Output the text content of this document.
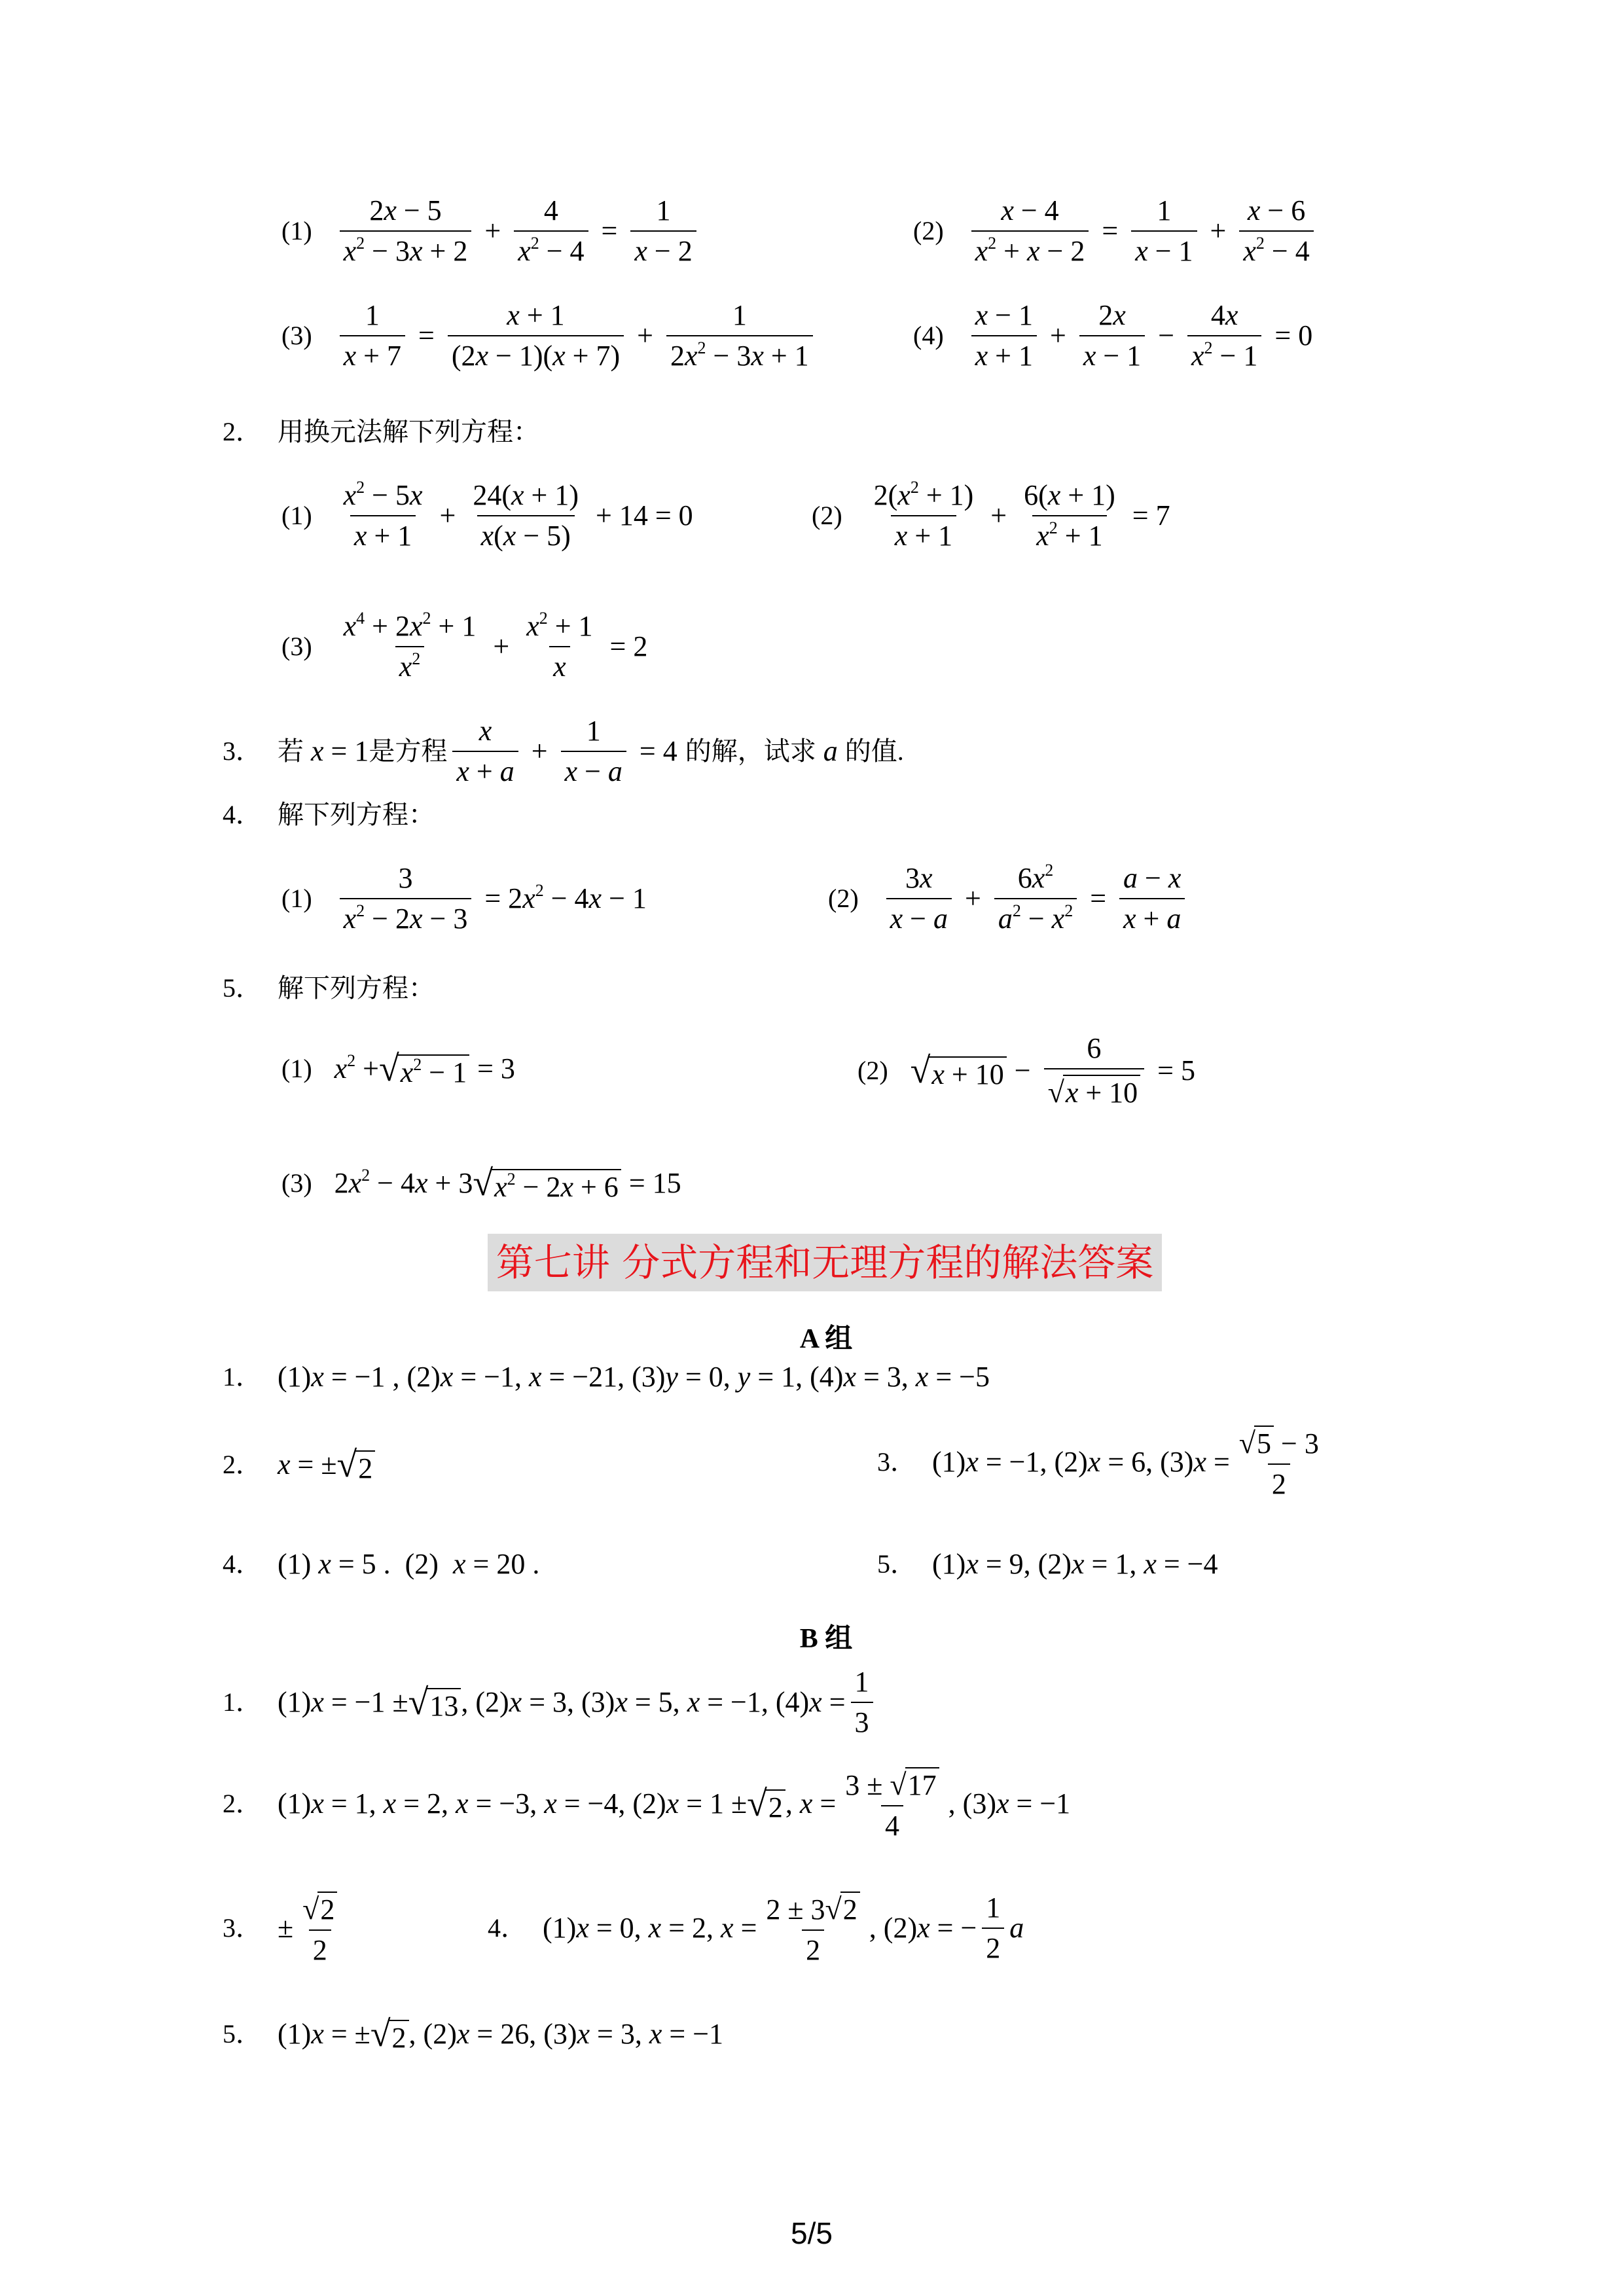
$(1) \frac{2x - 5}{x^2 - 3x + 2} + \frac{4}{x^2 - 4} = \frac{1}{x - 2}$	$(2) \frac{x - 4}{x^2 + x - 2} = \frac{1}{x - 1} + \frac{x - 6}{x^2 - 4}$
$(3) \frac{1}{x + 7} = \frac{x + 1}{(2x - 1)(x + 7)} + \frac{1}{2x^2 - 3x + 1}$	$(4) \frac{x - 1}{x + 1} + \frac{2x}{x - 1} - \frac{4x}{x^2 - 1} = 0$
2． 用换元法解下列方程：
$(1) \frac{x^2 - 5x}{x + 1} + \frac{24(x + 1)}{x(x - 5)} + 14 = 0$	$(2) \frac{2(x^2 + 1)}{x + 1} + \frac{6(x + 1)}{x^2 + 1} = 7$
$(3) \frac{x^4 + 2x^2 + 1}{x^2} + \frac{x^2 + 1}{x} = 2$
3． 若 x = 1 是方程 $\frac{x}{x + a} + \frac{1}{x - a} = 4$ 的解，试求 a 的值.
4． 解下列方程：
$(1) \frac{3}{x^2 - 2x - 3} = 2x^2 - 4x - 1$	$(2) \frac{3x}{x - a} + \frac{6x^2}{a^2 - x^2} = \frac{a - x}{x + a}$
5． 解下列方程：
(1) $x^2$ + √ $x^2 - 1 = 3$	(2) √ $x + 10 - \frac{6}{√ x + 10} = 5$
(3) $2x^2 - 4x + 3$ √ $x^2 - 2x + 6 = 15$
第七讲 分式方程和无理方程的解法答案
A 组
1． (1)x = −1 , (2)x = −1, x = −21, (3)y = 0, y = 1, (4)x = 3, x = −5
2． x = ± √ 2	3． (1)x = −1, (2)x = 6, $(3)x = \frac{√ 5 - 3}{2}$
4． (1) x = 5 .  (2)  x = 20 .	5． (1)x = 9, (2)x = 1, x = −4
B 组
1． (1)x = −1 ± √ 13 , (2)x = 3, (3)x = 5, x = −1, $(4)x = \frac{1}{3}$
2． (1)x = 1, x = 2, x = −3, x = −4, (2)x = 1 ± √ 2 , $x = \frac{3 \pm √ 17}{4}$ , (3)x = −1
3． ± $\frac{√ 2}{2}$	4． (1)x = 0, x = 2, $x = \frac{2 \pm 3 √ 2}{2}$ , (2)x = − $\frac{1}{2}$ a
5． (1)x = ± √ 2 , (2)x = 26, (3)x = 3, x = −1
5/5
